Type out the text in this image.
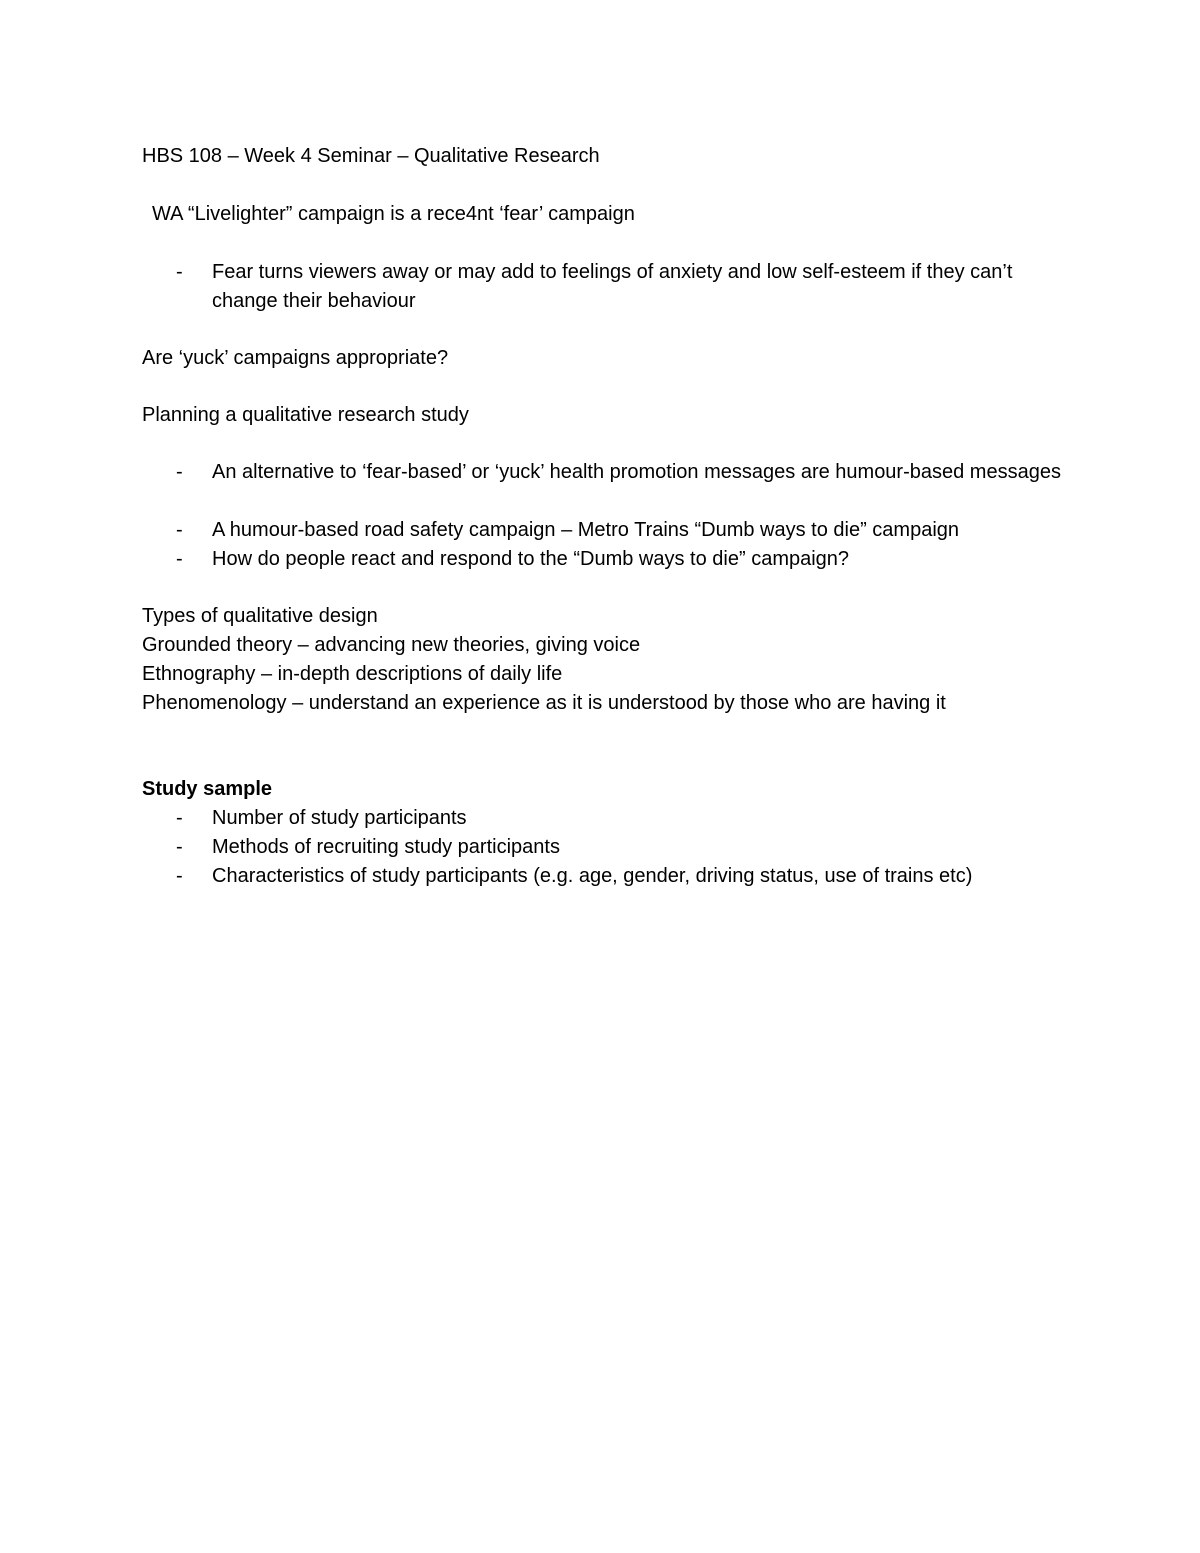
HBS 108 – Week 4 Seminar – Qualitative Research

WA “Livelighter” campaign is a rece4nt ‘fear’ campaign

- Fear turns viewers away or may add to feelings of anxiety and low self-esteem if they can’t change their behaviour

Are ‘yuck’ campaigns appropriate?

Planning a qualitative research study

- An alternative to ‘fear-based’ or ‘yuck’ health promotion messages are humour-based messages
- A humour-based road safety campaign – Metro Trains “Dumb ways to die” campaign
- How do people react and respond to the “Dumb ways to die” campaign?

Types of qualitative design

Grounded theory – advancing new theories, giving voice

Ethnography – in-depth descriptions of daily life

Phenomenology – understand an experience as it is understood by those who are having it

Study sample

- Number of study participants
- Methods of recruiting study participants
- Characteristics of study participants (e.g. age, gender, driving status, use of trains etc)
